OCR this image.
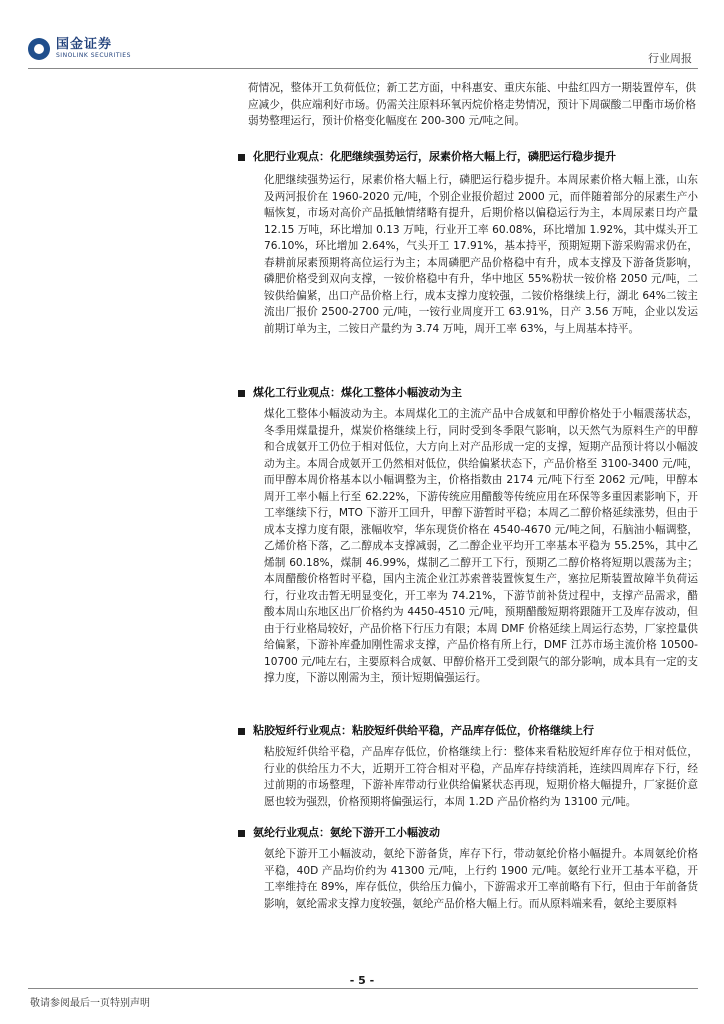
国金证券
SINOLINK SECURITIES	行业周报

荷情况，整体开工负荷低位；新工艺方面，中科惠安、重庆东能、中盐红四方一期装置停车，供应减少，供应端利好市场。仍需关注原料环氧丙烷价格走势情况，预计下周碳酸二甲酯市场价格弱势整理运行，预计价格变化幅度在 200-300 元/吨之间。

化肥行业观点：化肥继续强势运行，尿素价格大幅上行，磷肥运行稳步提升

化肥继续强势运行，尿素价格大幅上行，磷肥运行稳步提升。本周尿素价格大幅上涨，山东及两河报价在 1960-2020 元/吨，个别企业报价超过 2000 元，而伴随着部分的尿素生产小幅恢复，市场对高价产品抵触情绪略有提升，后期价格以偏稳运行为主，本周尿素日均产量 12.15 万吨，环比增加 0.13 万吨，行业开工率 60.08%，环比增加 1.92%，其中煤头开工 76.10%，环比增加 2.64%，气头开工 17.91%，基本持平，预期短期下游采购需求仍在，春耕前尿素预期将高位运行为主；本周磷肥产品价格稳中有升，成本支撑及下游备货影响，磷肥价格受到双向支撑，一铵价格稳中有升，华中地区 55%粉状一铵价格 2050 元/吨，二铵供给偏紧，出口产品价格上行，成本支撑力度较强，二铵价格继续上行，湖北 64%二铵主流出厂报价 2500-2700 元/吨，一铵行业周度开工 63.91%，日产 3.56 万吨，企业以发运前期订单为主，二铵日产量约为 3.74 万吨，周开工率 63%，与上周基本持平。

煤化工行业观点：煤化工整体小幅波动为主

煤化工整体小幅波动为主。本周煤化工的主流产品中合成氨和甲醇价格处于小幅震荡状态，冬季用煤量提升，煤炭价格继续上行，同时受到冬季限气影响，以天然气为原料生产的甲醇和合成氨开工仍位于相对低位，大方向上对产品形成一定的支撑，短期产品预计将以小幅波动为主。本周合成氨开工仍然相对低位，供给偏紧状态下，产品价格至 3100-3400 元/吨，而甲醇本周价格基本以小幅调整为主，价格指数由 2174 元/吨下行至 2062 元/吨，甲醇本周开工率小幅上行至 62.22%，下游传统应用醋酸等传统应用在环保等多重因素影响下，开工率继续下行，MTO 下游开工回升，甲醇下游暂时平稳；本周乙二醇价格延续涨势，但由于成本支撑力度有限，涨幅收窄，华东现货价格在 4540-4670 元/吨之间，石脑油小幅调整，乙烯价格下落，乙二醇成本支撑减弱，乙二醇企业平均开工率基本平稳为 55.25%，其中乙烯制 60.18%，煤制 46.99%，煤制乙二醇开工下行，预期乙二醇价格将短期以震荡为主；本周醋酸价格暂时平稳，国内主流企业江苏索普装置恢复生产，塞拉尼斯装置故障半负荷运行，行业攻击暂无明显变化，开工率为 74.21%，下游节前补货过程中，支撑产品需求，醋酸本周山东地区出厂价格约为 4450-4510 元/吨，预期醋酸短期将跟随开工及库存波动，但由于行业格局较好，产品价格下行压力有限；本周 DMF 价格延续上周运行态势，厂家控量供给偏紧，下游补库叠加刚性需求支撑，产品价格有所上行，DMF 江苏市场主流价格 10500-10700 元/吨左右，主要原料合成氨、甲醇价格开工受到限气的部分影响，成本具有一定的支撑力度，下游以刚需为主，预计短期偏强运行。

粘胶短纤行业观点：粘胶短纤供给平稳，产品库存低位，价格继续上行

粘胶短纤供给平稳，产品库存低位，价格继续上行：整体来看粘胶短纤库存位于相对低位，行业的供给压力不大，近期开工符合相对平稳，产品库存持续消耗，连续四周库存下行，经过前期的市场整理，下游补库带动行业供给偏紧状态再现，短期价格大幅提升，厂家挺价意愿也较为强烈，价格预期将偏强运行，本周 1.2D 产品价格约为 13100 元/吨。

氨纶行业观点：氨纶下游开工小幅波动

氨纶下游开工小幅波动，氨纶下游备货，库存下行，带动氨纶价格小幅提升。本周氨纶价格平稳，40D 产品均价约为 41300 元/吨，上行约 1900 元/吨。氨纶行业开工基本平稳，开工率维持在 89%，库存低位，供给压力偏小，下游需求开工率前略有下行，但由于年前备货影响，氨纶需求支撑力度较强，氨纶产品价格大幅上行。而从原料端来看，氨纶主要原料

- 5 -
敬请参阅最后一页特别声明
